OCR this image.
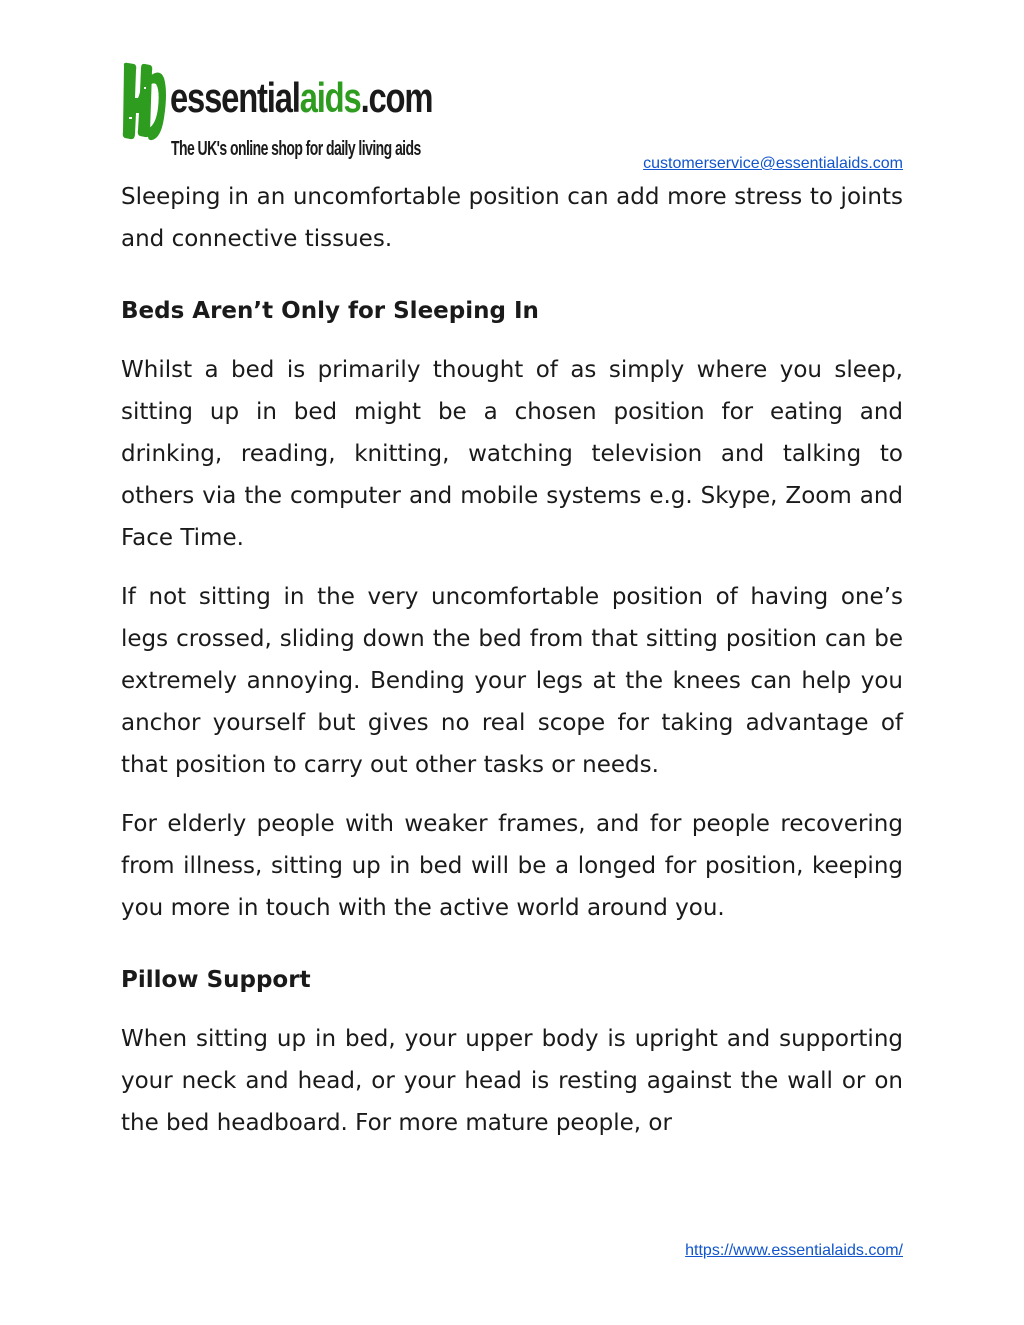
essentialaids.com
The UK's online shop for daily living aids
customerservice@essentialaids.com

Sleeping in an uncomfortable position can add more stress to joints and connective tissues.

Beds Aren’t Only for Sleeping In

Whilst a bed is primarily thought of as simply where you sleep, sitting up in bed might be a chosen position for eating and drinking, reading, knitting, watching television and talking to others via the computer and mobile systems e.g. Skype, Zoom and Face Time.

If not sitting in the very uncomfortable position of having one’s legs crossed, sliding down the bed from that sitting position can be extremely annoying. Bending your legs at the knees can help you anchor yourself but gives no real scope for taking advantage of that position to carry out other tasks or needs.

For elderly people with weaker frames, and for people recovering from illness, sitting up in bed will be a longed for position, keeping you more in touch with the active world around you.

Pillow Support

When sitting up in bed, your upper body is upright and supporting your neck and head, or your head is resting against the wall or on the bed headboard. For more mature people, or

https://www.essentialaids.com/
